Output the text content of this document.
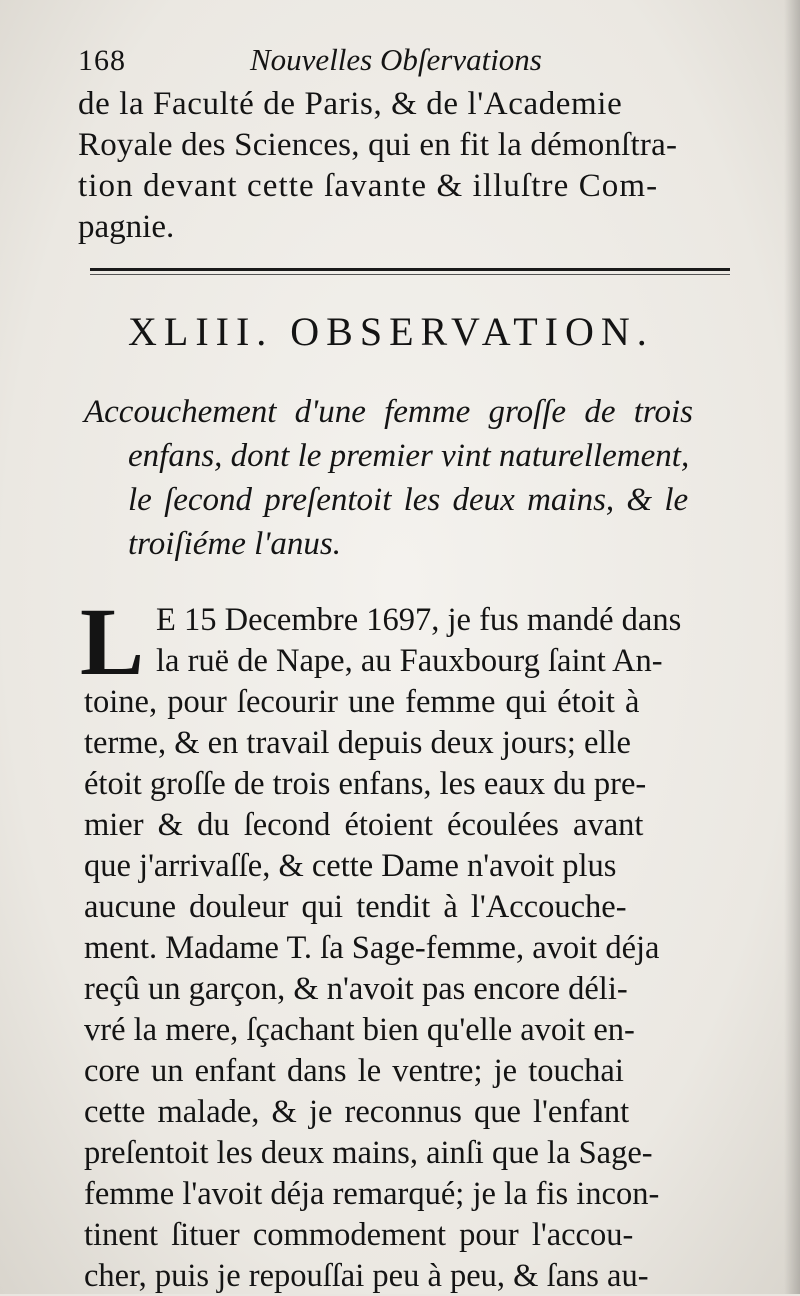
168	Nouvelles Obſervations
de la Faculté de Paris, & de l'Academie
Royale des Sciences, qui en fit la démonſtra-
tion devant cette ſavante & illuſtre Com-
pagnie.
XLIII. OBSERVATION.
Accouchement d'une femme groſſe de trois
enfans, dont le premier vint naturellement,
le ſecond preſentoit les deux mains, & le
troiſiéme l'anus.
L E 15 Decembre 1697, je fus mandé dans
la ruë de Nape, au Fauxbourg ſaint An-
toine, pour ſecourir une femme qui étoit à
terme, & en travail depuis deux jours; elle
étoit groſſe de trois enfans, les eaux du pre-
mier & du ſecond étoient écoulées avant
que j'arrivaſſe, & cette Dame n'avoit plus
aucune douleur qui tendit à l'Accouche-
ment. Madame T. ſa Sage-femme, avoit déja
reçû un garçon, & n'avoit pas encore déli-
vré la mere, ſçachant bien qu'elle avoit en-
core un enfant dans le ventre; je touchai
cette malade, & je reconnus que l'enfant
preſentoit les deux mains, ainſi que la Sage-
femme l'avoit déja remarqué; je la fis incon-
tinent ſituer commodement pour l'accou-
cher, puis je repouſſai peu à peu, & ſans au-
